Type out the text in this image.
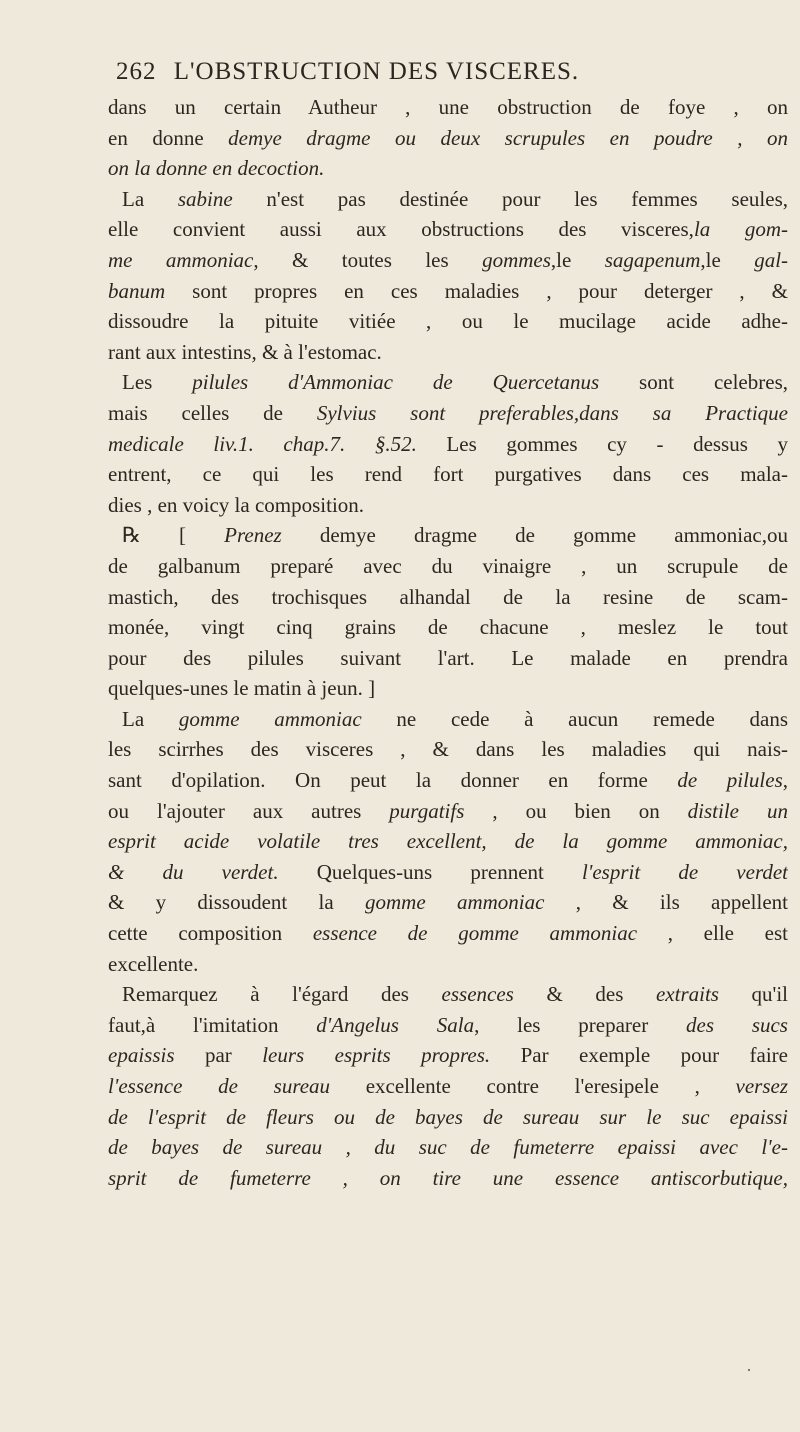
262 L'OBSTRUCTION DES VISCERES.
dans un certain Autheur , une obstruction de foye , on
en donne demye dragme ou deux scrupules en poudre , on
on la donne en decoction.
La sabine n'est pas destinée pour les femmes seules,
elle convient aussi aux obstructions des visceres,la gom-
me ammoniac, & toutes les gommes,le sagapenum,le gal-
banum sont propres en ces maladies , pour deterger , &
dissoudre la pituite vitiée , ou le mucilage acide adhe-
rant aux intestins, & à l'estomac.
Les pilules d'Ammoniac de Quercetanus sont celebres,
mais celles de Sylvius sont preferables,dans sa Practique
medicale liv.1. chap.7. §.52. Les gommes cy - dessus y
entrent, ce qui les rend fort purgatives dans ces mala-
dies , en voicy la composition.
℞ [ Prenez demye dragme de gomme ammoniac,ou
de galbanum preparé avec du vinaigre , un scrupule de
mastich, des trochisques alhandal de la resine de scam-
monée, vingt cinq grains de chacune , meslez le tout
pour des pilules suivant l'art. Le malade en prendra
quelques-unes le matin à jeun. ]
La gomme ammoniac ne cede à aucun remede dans
les scirrhes des visceres , & dans les maladies qui nais-
sant d'opilation. On peut la donner en forme de pilules,
ou l'ajouter aux autres purgatifs , ou bien on distile un
esprit acide volatile tres excellent, de la gomme ammoniac,
& du verdet. Quelques-uns prennent l'esprit de verdet
& y dissoudent la gomme ammoniac , & ils appellent
cette composition essence de gomme ammoniac , elle est
excellente.
Remarquez à l'égard des essences & des extraits qu'il
faut,à l'imitation d'Angelus Sala, les preparer des sucs
epaissis par leurs esprits propres. Par exemple pour faire
l'essence de sureau excellente contre l'eresipele , versez
de l'esprit de fleurs ou de bayes de sureau sur le suc epaissi
de bayes de sureau , du suc de fumeterre epaissi avec l'e-
sprit de fumeterre , on tire une essence antiscorbutique,
·
